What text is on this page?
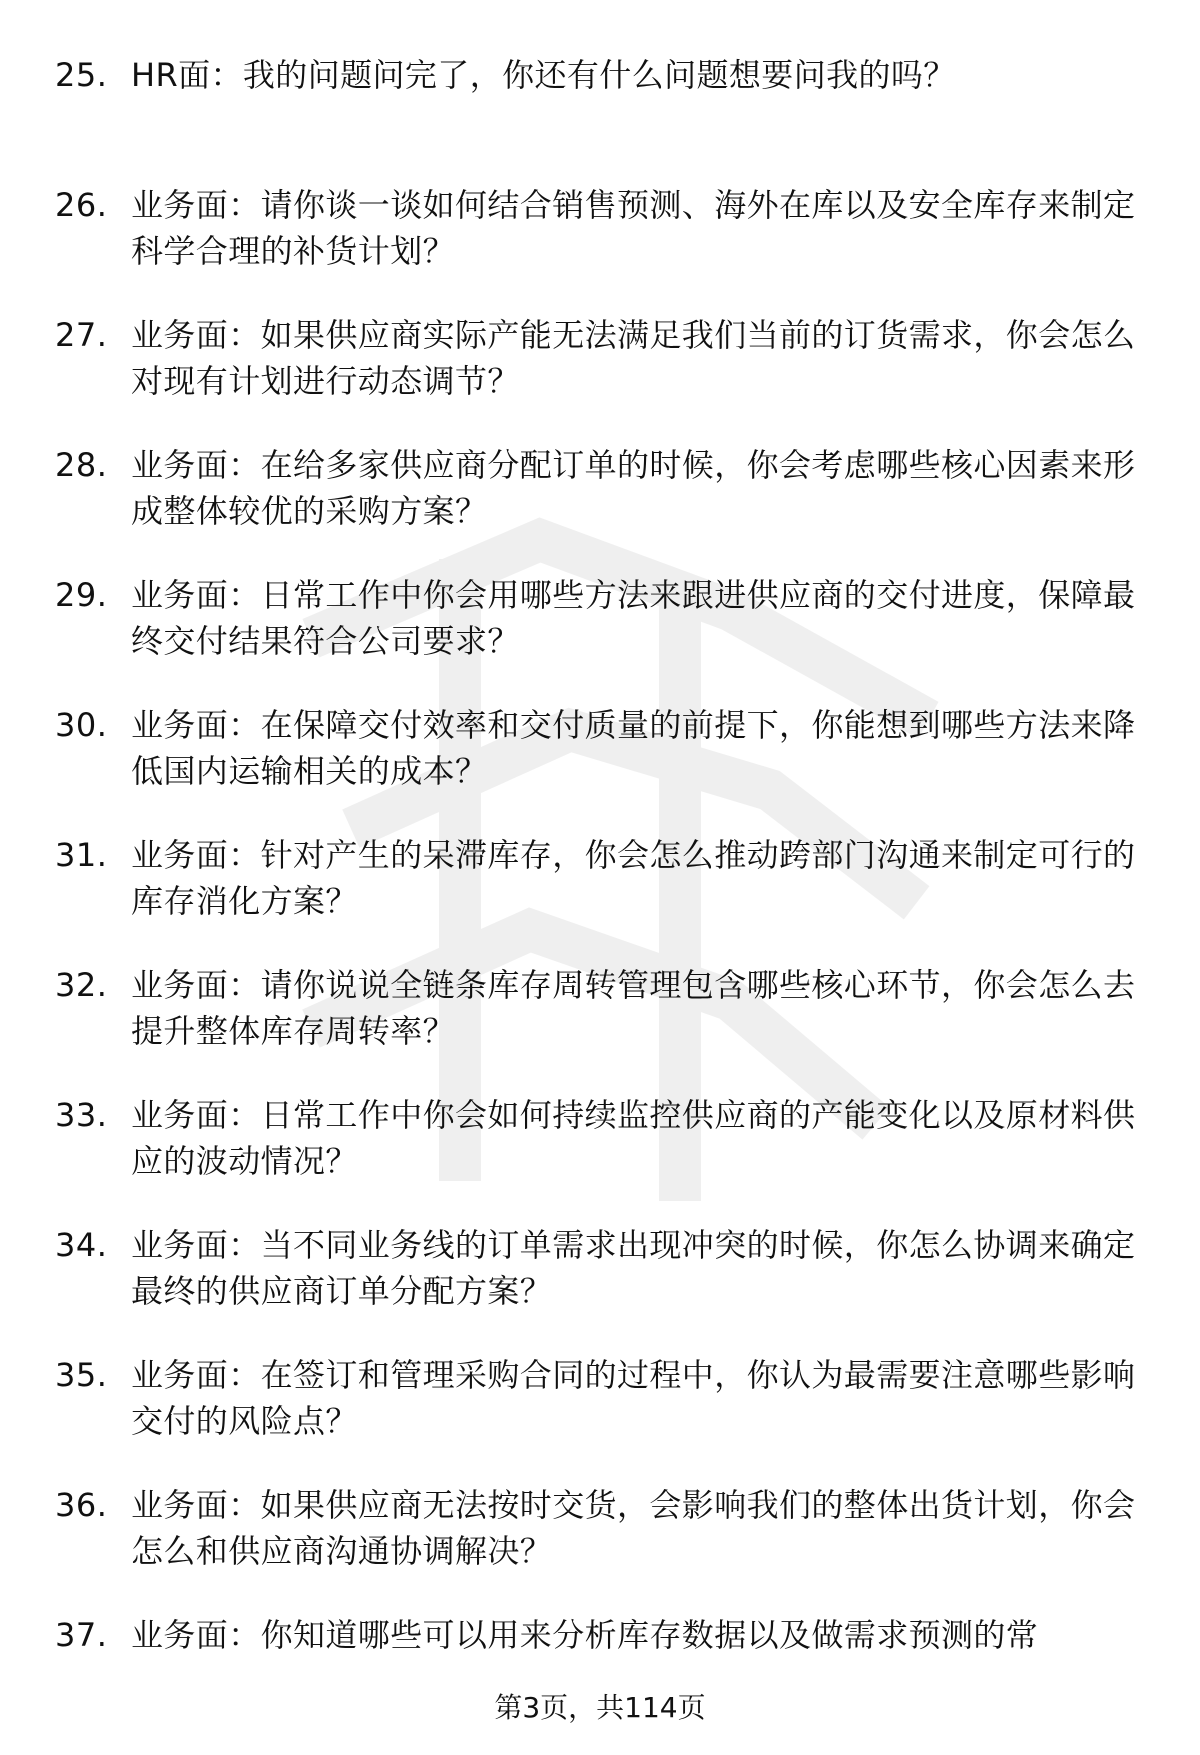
25. HR面：我的问题问完了，你还有什么问题想要问我的吗？
26. 业务面：请你谈一谈如何结合销售预测、海外在库以及安全库存来制定科学合理的补货计划？
27. 业务面：如果供应商实际产能无法满足我们当前的订货需求，你会怎么对现有计划进行动态调节？
28. 业务面：在给多家供应商分配订单的时候，你会考虑哪些核心因素来形成整体较优的采购方案？
29. 业务面：日常工作中你会用哪些方法来跟进供应商的交付进度，保障最终交付结果符合公司要求？
30. 业务面：在保障交付效率和交付质量的前提下，你能想到哪些方法来降低国内运输相关的成本？
31. 业务面：针对产生的呆滞库存，你会怎么推动跨部门沟通来制定可行的库存消化方案？
32. 业务面：请你说说全链条库存周转管理包含哪些核心环节，你会怎么去提升整体库存周转率？
33. 业务面：日常工作中你会如何持续监控供应商的产能变化以及原材料供应的波动情况？
34. 业务面：当不同业务线的订单需求出现冲突的时候，你怎么协调来确定最终的供应商订单分配方案？
35. 业务面：在签订和管理采购合同的过程中，你认为最需要注意哪些影响交付的风险点？
36. 业务面：如果供应商无法按时交货，会影响我们的整体出货计划，你会怎么和供应商沟通协调解决？
37. 业务面：你知道哪些可以用来分析库存数据以及做需求预测的常
第3页，共114页
